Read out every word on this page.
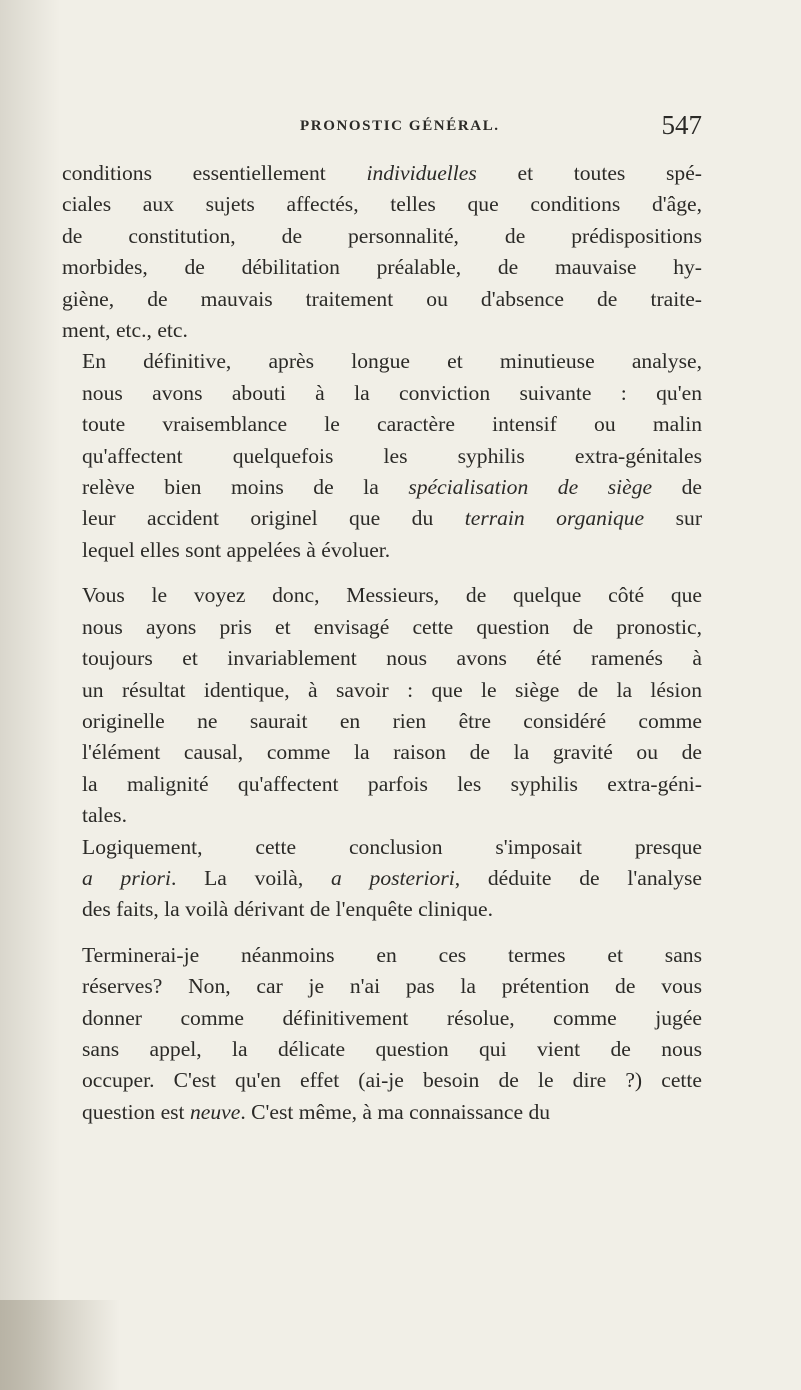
PRONOSTIC GÉNÉRAL.	547

conditions essentiellement individuelles et toutes spé-
ciales aux sujets affectés, telles que conditions d'âge,
de constitution, de personnalité, de prédispositions
morbides, de débilitation préalable, de mauvaise hy-
giène, de mauvais traitement ou d'absence de traite-
ment, etc., etc.

En définitive, après longue et minutieuse analyse,
nous avons abouti à la conviction suivante : qu'en
toute vraisemblance le caractère intensif ou malin
qu'affectent quelquefois les syphilis extra-génitales
relève bien moins de la spécialisation de siège de
leur accident originel que du terrain organique sur
lequel elles sont appelées à évoluer.

Vous le voyez donc, Messieurs, de quelque côté que
nous ayons pris et envisagé cette question de pronostic,
toujours et invariablement nous avons été ramenés à
un résultat identique, à savoir : que le siège de la lésion
originelle ne saurait en rien être considéré comme
l'élément causal, comme la raison de la gravité ou de
la malignité qu'affectent parfois les syphilis extra-géni-
tales.

Logiquement, cette conclusion s'imposait presque
a priori. La voilà, a posteriori, déduite de l'analyse
des faits, la voilà dérivant de l'enquête clinique.

Terminerai-je néanmoins en ces termes et sans
réserves? Non, car je n'ai pas la prétention de vous
donner comme définitivement résolue, comme jugée
sans appel, la délicate question qui vient de nous
occuper. C'est qu'en effet (ai-je besoin de le dire ?) cette
question est neuve. C'est même, à ma connaissance du
